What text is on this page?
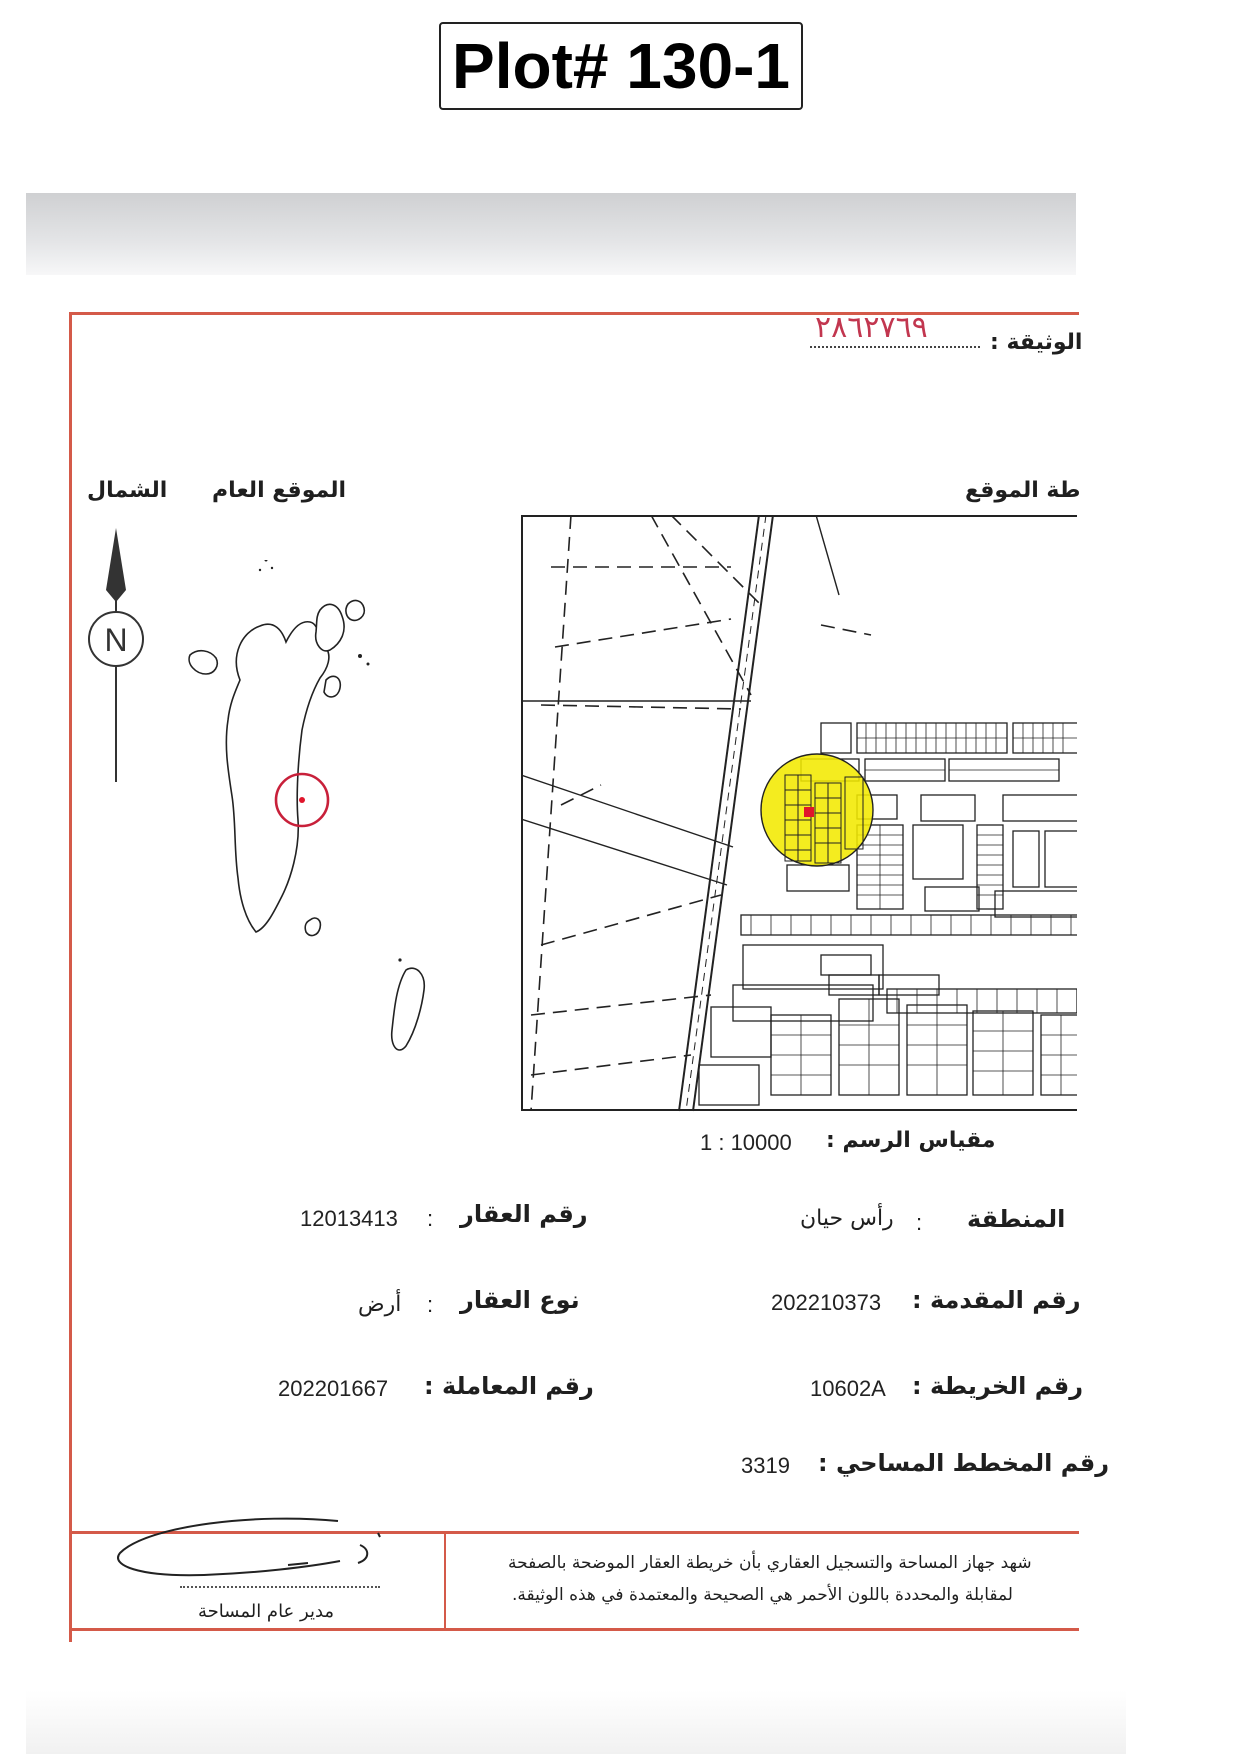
Plot# 130-1
الوثيقة :
٢٨٦٢٧٦٩
الشمال الموقع العام	طة الموقع
N
مقياس الرسم :
1 : 10000
رقم العقار
:
12013413	المنطقة
:
رأس حيان
نوع العقار
:
أرض	رقم المقدمة :
202210373
رقم المعاملة :
202201667	رقم الخريطة :
10602A
رقم المخطط المساحي :
3319
مدير عام المساحة
شهد جهاز المساحة والتسجيل العقاري بأن خريطة العقار الموضحة بالصفحة
لمقابلة والمحددة باللون الأحمر هي الصحيحة والمعتمدة في هذه الوثيقة.
